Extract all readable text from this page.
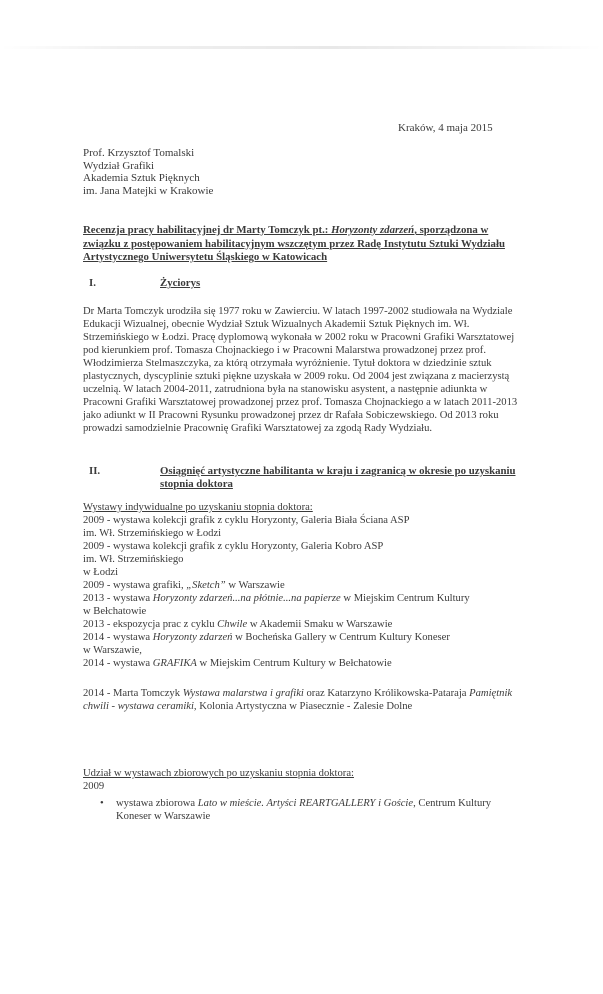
Kraków, 4 maja 2015
Prof. Krzysztof Tomalski
Wydział Grafiki
Akademia Sztuk Pięknych
im. Jana Matejki w Krakowie
Recenzja pracy habilitacyjnej dr Marty Tomczyk pt.: Horyzonty zdarzeń, sporządzona w związku z postępowaniem habilitacyjnym wszczętym przez Radę Instytutu Sztuki Wydziału Artystycznego Uniwersytetu Śląskiego w Katowicach
I.	Życiorys
Dr Marta Tomczyk urodziła się 1977 roku w Zawierciu. W latach 1997-2002 studiowała na Wydziale Edukacji Wizualnej, obecnie Wydział Sztuk Wizualnych Akademii Sztuk Pięknych im. Wł. Strzemińskiego w Łodzi. Pracę dyplomową wykonała w 2002 roku w Pracowni Grafiki Warsztatowej pod kierunkiem prof. Tomasza Chojnackiego i w Pracowni Malarstwa prowadzonej przez prof. Włodzimierza Stelmaszczyka, za którą otrzymała wyróżnienie. Tytuł doktora w dziedzinie sztuk plastycznych, dyscyplinie sztuki piękne uzyskała w 2009 roku. Od 2004 jest związana z macierzystą uczelnią. W latach 2004-2011, zatrudniona była na stanowisku asystent, a następnie adiunkta w Pracowni Grafiki Warsztatowej prowadzonej przez prof. Tomasza Chojnackiego a w latach 2011-2013 jako adiunkt w II Pracowni Rysunku prowadzonej przez dr Rafała Sobiczewskiego. Od 2013 roku prowadzi samodzielnie Pracownię Grafiki Warsztatowej za zgodą Rady Wydziału.
II.	Osiągnięć artystyczne habilitanta w kraju i zagranicą w okresie po uzyskaniu stopnia doktora
Wystawy indywidualne po uzyskaniu stopnia doktora:
2009 - wystawa kolekcji grafik z cyklu Horyzonty, Galeria Biała Ściana ASP
im. Wł. Strzemińskiego w Łodzi
2009 - wystawa kolekcji grafik z cyklu Horyzonty, Galeria Kobro ASP
im. Wł. Strzemińskiego
w Łodzi
2009 - wystawa grafiki, „Sketch” w Warszawie
2013 - wystawa Horyzonty zdarzeń...na płótnie...na papierze w Miejskim Centrum Kultury
w Bełchatowie
2013 - ekspozycja prac z cyklu Chwile w Akademii Smaku w Warszawie
2014 - wystawa Horyzonty zdarzeń w Bocheńska Gallery w Centrum Kultury Koneser
w Warszawie,
2014 - wystawa GRAFIKA w Miejskim Centrum Kultury w Bełchatowie
2014 - Marta Tomczyk Wystawa malarstwa i grafiki oraz Katarzyno Królikowska-Pataraja Pamiętnik chwili - wystawa ceramiki, Kolonia Artystyczna w Piasecznie - Zalesie Dolne
Udział w wystawach zbiorowych po uzyskaniu stopnia doktora:
2009
• wystawa zbiorowa Lato w mieście. Artyści REARTGALLERY i Goście, Centrum Kultury Koneser w Warszawie
